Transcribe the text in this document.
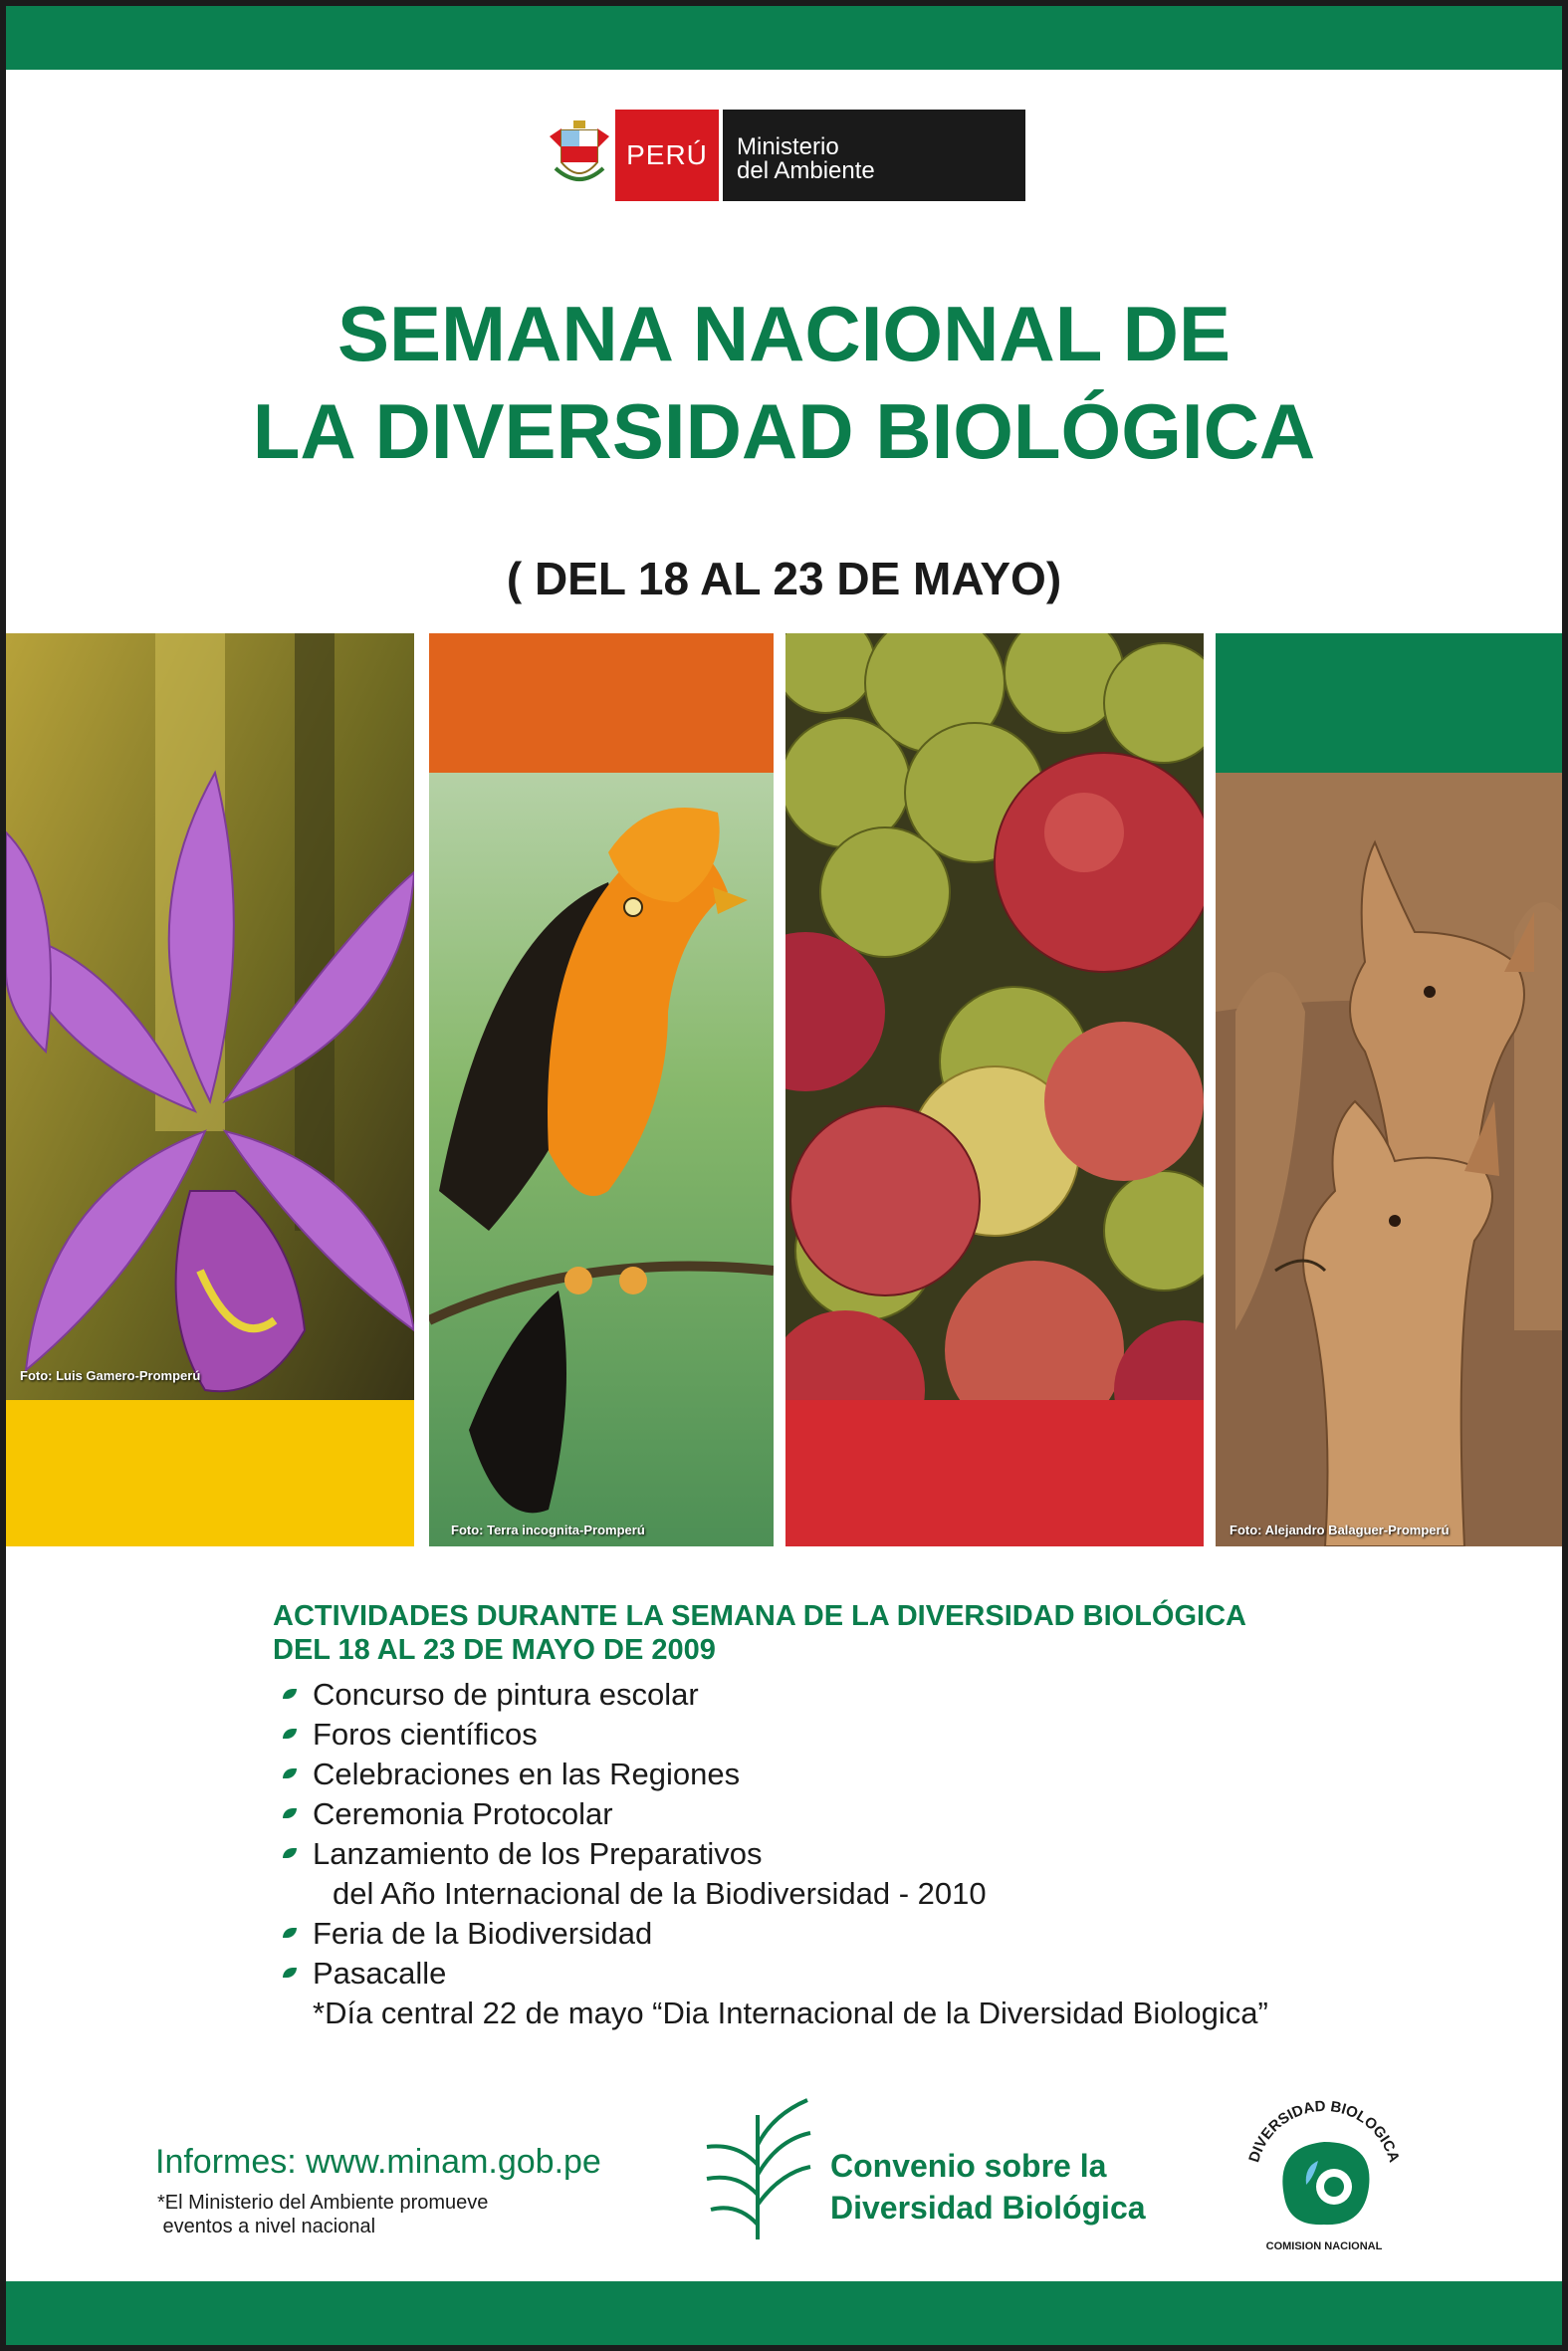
PERÚ	Ministerio
del Ambiente
SEMANA NACIONAL DE
LA DIVERSIDAD BIOLÓGICA
( DEL 18 AL 23 DE MAYO)
Foto: Luis Gamero-Promperú
Foto: Terra incognita-Promperú	Foto: Alejandro Balaguer-Promperú
ACTIVIDADES DURANTE LA SEMANA DE LA DIVERSIDAD BIOLÓGICA
DEL 18 AL 23 DE MAYO DE 2009
Concurso de pintura escolar
Foros científicos
Celebraciones en las Regiones
Ceremonia Protocolar
Lanzamiento de los Preparativos
del Año Internacional de la Biodiversidad - 2010
Feria de la Biodiversidad
Pasacalle
*Día central 22 de mayo “Dia Internacional de la Diversidad Biologica”
Informes: www.minam.gob.pe
*El Ministerio del Ambiente promueve
eventos a nivel nacional
Convenio sobre la
Diversidad Biológica
DIVERSIDAD BIOLOGICA
COMISION NACIONAL
